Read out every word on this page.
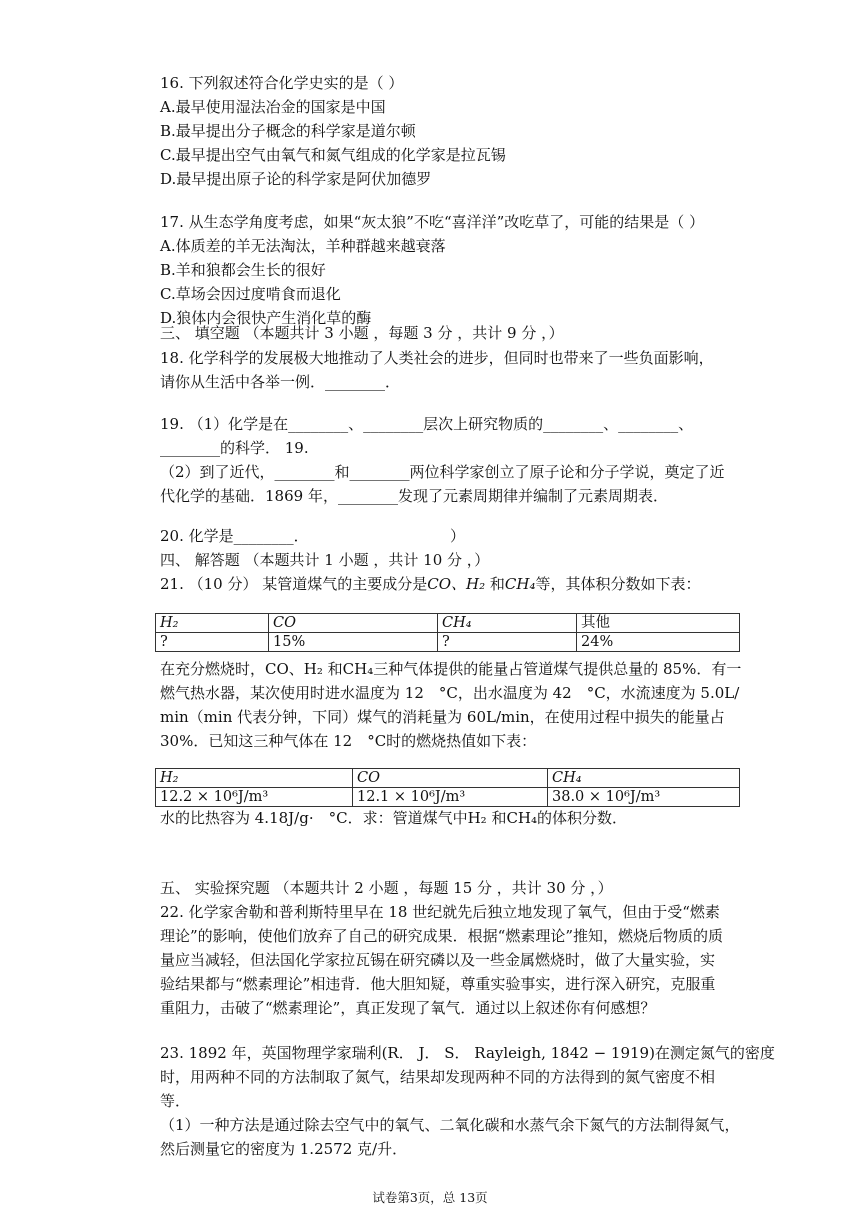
16. 下列叙述符合化学史实的是（ ）
A.最早使用湿法冶金的国家是中国
B.最早提出分子概念的科学家是道尔顿
C.最早提出空气由氧气和氮气组成的化学家是拉瓦锡
D.最早提出原子论的科学家是阿伏加德罗
17. 从生态学角度考虑，如果“灰太狼”不吃“喜洋洋”改吃草了，可能的结果是（ ）
A.体质差的羊无法淘汰，羊种群越来越衰落
B.羊和狼都会生长的很好
C.草场会因过度啃食而退化
D.狼体内会很快产生消化草的酶
三、 填空题 （本题共计 3 小题 ，每题 3 分 ，共计 9 分 ，）
18. 化学科学的发展极大地推动了人类社会的进步，但同时也带来了一些负面影响，
请你从生活中各举一例．________．
19. （1）化学是在________、________层次上研究物质的________、________、
________的科学． 19.
（2）到了近代，________和________两位科学家创立了原子论和分子学说，奠定了近
代化学的基础．1869 年，________发现了元素周期律并编制了元素周期表．
20. 化学是________．	）
四、 解答题 （本题共计 1 小题 ，共计 10 分 ，）
21. （10 分） 某管道煤气的主要成分是CO、H₂ 和CH₄等，其体积分数如下表：
H₂	CO	CH₄	其他
?	15%	?	24%
在充分燃烧时，CO、H₂ 和CH₄三种气体提供的能量占管道煤气提供总量的 85%．有一
燃气热水器，某次使用时进水温度为 12　°C，出水温度为 42　°C，水流速度为 5.0L/
min（min 代表分钟，下同）煤气的消耗量为 60L/min，在使用过程中损失的能量占
30%．已知这三种气体在 12　°C时的燃烧热值如下表：
H₂	CO	CH₄
12.2 × 10⁶J/m³	12.1 × 10⁶J/m³	38.0 × 10⁶J/m³
水的比热容为 4.18J/g·　°C．求：管道煤气中H₂ 和CH₄的体积分数．
五、 实验探究题 （本题共计 2 小题 ，每题 15 分 ，共计 30 分 ，）
22. 化学家舍勒和普利斯特里早在 18 世纪就先后独立地发现了氧气，但由于受“燃素
理论”的影响，使他们放弃了自己的研究成果．根据“燃素理论”推知，燃烧后物质的质
量应当减轻，但法国化学家拉瓦锡在研究磷以及一些金属燃烧时，做了大量实验，实
验结果都与“燃素理论”相违背．他大胆知疑，尊重实验事实，进行深入研究，克服重
重阻力，击破了“燃素理论”，真正发现了氧气．通过以上叙述你有何感想？
23. 1892 年，英国物理学家瑞利(R． J． S． Rayleigh, 1842 − 1919)在测定氮气的密度
时，用两种不同的方法制取了氮气，结果却发现两种不同的方法得到的氮气密度不相
等．
（1）一种方法是通过除去空气中的氧气、二氧化碳和水蒸气余下氮气的方法制得氮气，
然后测量它的密度为 1.2572 克/升．
试卷第3页，总 13页
